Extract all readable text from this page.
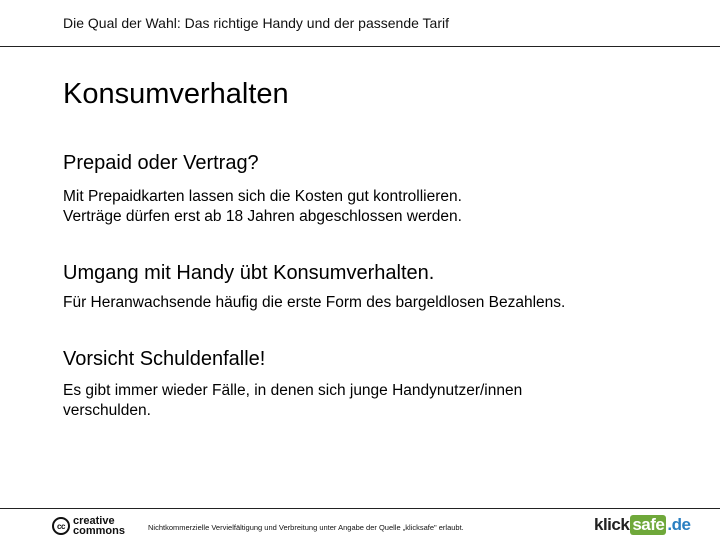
Die Qual der Wahl: Das richtige Handy und der passende Tarif
Konsumverhalten
Prepaid oder Vertrag?
Mit Prepaidkarten lassen sich die Kosten gut kontrollieren.
Verträge dürfen erst ab 18 Jahren abgeschlossen werden.
Umgang mit Handy übt Konsumverhalten.
Für Heranwachsende häufig die erste Form des bargeldlosen Bezahlens.
Vorsicht Schuldenfalle!
Es gibt immer wieder Fälle, in denen sich junge Handynutzer/innen
verschulden.
cc creative
commons	Nichtkommerzielle Vervielfältigung und Verbreitung unter Angabe der Quelle „klicksafe" erlaubt.	klick safe .de
